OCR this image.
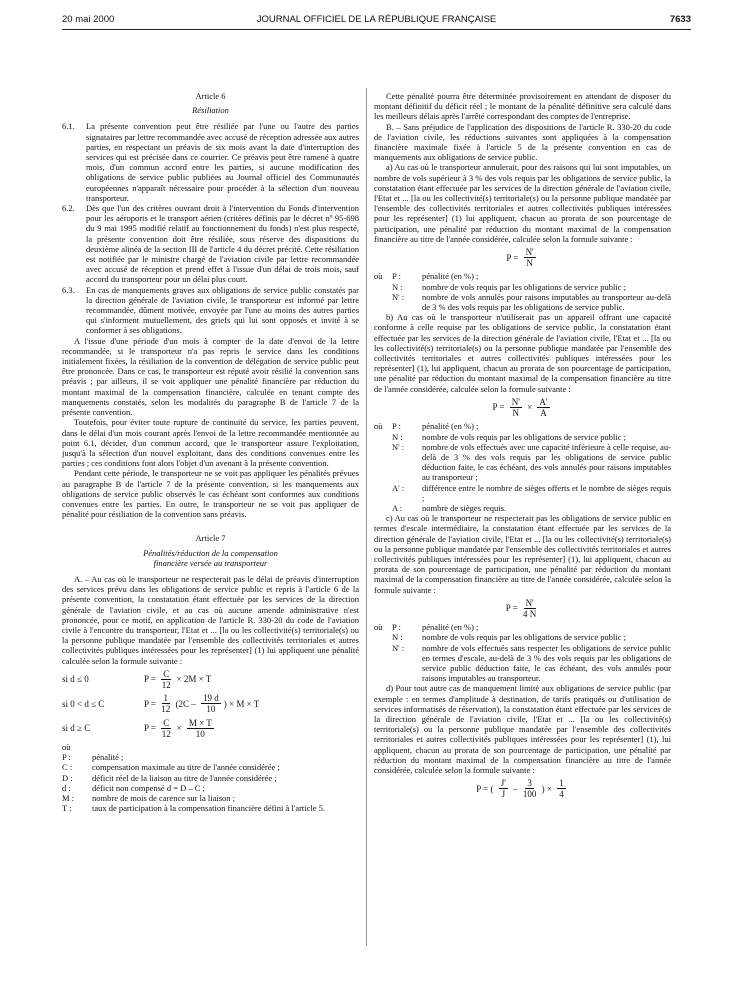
20 mai 2000	JOURNAL OFFICIEL DE LA RÉPUBLIQUE FRANÇAISE	7633

Article 6

Résiliation

6.1.	La présente convention peut être résiliée par l'une ou l'autre des parties signataires par lettre recommandée avec accusé de réception adressée aux autres parties, en respectant un préavis de six mois avant la date d'interruption des services qui est précisée dans ce courrier. Ce préavis peut être ramené à quatre mois, d'un commun accord entre les parties, si aucune modification des obligations de service public publiées au Journal officiel des Communautés européennes n'apparaît nécessaire pour procéder à la sélection d'un nouveau transporteur.
6.2.	Dès que l'un des critères ouvrant droit à l'intervention du Fonds d'intervention pour les aéroports et le transport aérien (critères définis par le décret nº 95-698 du 9 mai 1995 modifié relatif au fonctionnement du fonds) n'est plus respecté, la présente convention doit être résiliée, sous réserve des dispositions du deuxième alinéa de la section III de l'article 4 du décret précité. Cette résiliation est notifiée par le ministre chargé de l'aviation civile par lettre recommandée avec accusé de réception et prend effet à l'issue d'un délai de trois mois, sauf accord du transporteur pour un délai plus court.
6.3.	En cas de manquements graves aux obligations de service public constatés par la direction générale de l'aviation civile, le transporteur est informé par lettre recommandée, dûment motivée, envoyée par l'une au moins des autres parties qui s'informent mutuellement, des griefs qui lui sont opposés et invité à se conformer à ses obligations.

A l'issue d'une période d'un mois à compter de la date d'envoi de la lettre recommandée, si le transporteur n'a pas repris le service dans les conditions initialement fixées, la résiliation de la convention de délégation de service public peut être prononcée. Dans ce cas, le transporteur est réputé avoir résilié la convention sans préavis ; par ailleurs, il se voit appliquer une pénalité financière par réduction du montant maximal de la compensation financière, calculée en tenant compte des manquements constatés, selon les modalités du paragraphe B de l'article 7 de la présente convention.

Toutefois, pour éviter toute rupture de continuité du service, les parties peuvent, dans le délai d'un mois courant après l'envoi de la lettre recommandée mentionnée au point 6.1, décider, d'un commun accord, que le transporteur assure l'exploitation, jusqu'à la sélection d'un nouvel exploitant, dans des conditions convenues entre les parties ; ces conditions font alors l'objet d'un avenant à la présente convention.

Pendant cette période, le transporteur ne se voit pas appliquer les pénalités prévues au paragraphe B de l'article 7 de la présente convention, si les manquements aux obligations de service public observés le cas échéant sont conformes aux conditions convenues entre les parties. En outre, le transporteur ne se voit pas appliquer de pénalité pour résiliation de la convention sans préavis.

Article 7

Pénalités/réduction de la compensation

financière versée au transporteur

A. – Au cas où le transporteur ne respecterait pas le délai de préavis d'interruption des services prévu dans les obligations de service public et repris à l'article 6 de la présente convention, la constatation étant effectuée par les services de la direction générale de l'aviation civile, et au cas où aucune amende administrative n'est prononcée, pour ce motif, en application de l'article R. 330-20 du code de l'aviation civile à l'encontre du transporteur, l'Etat et ... [la ou les collectivité(s) territoriale(s) ou la personne publique mandatée par l'ensemble des collectivités territoriales et autres collectivités publiques intéressées pour les représenter] (1) lui appliquent une pénalité calculée selon la formule suivante :

si d ≤ 0	$P = \frac{C}{12} \times 2M \times T$
si 0 < d ≤ C	$P = \frac{1}{12} (2C - \frac{19 d}{10}$ ) × M × T
si d ≥ C	$P = \frac{C}{12} \times \frac{M \times T}{10}$
où
P :	pénalité ;
C :	compensation maximale au titre de l'année considérée ;
D :	déficit réel de la liaison au titre de l'année considérée ;
d :	déficit non compensé d = D – C ;
M :	nombre de mois de carence sur la liaison ;
T :	taux de participation à la compensation financière défini à l'article 5.

Cette pénalité pourra être déterminée provisoirement en attendant de disposer du montant définitif du déficit réel ; le montant de la pénalité définitive sera calculé dans les meilleurs délais après l'arrêté correspondant des comptes de l'entreprise.

B. – Sans préjudice de l'application des dispositions de l'article R. 330-20 du code de l'aviation civile, les réductions suivantes sont appliquées à la compensation financière maximale fixée à l'article 5 de la présente convention en cas de manquements aux obligations de service public.

a) Au cas où le transporteur annulerait, pour des raisons qui lui sont imputables, un nombre de vols supérieur à 3 % des vols requis par les obligations de service public, la constatation étant effectuée par les services de la direction générale de l'aviation civile, l'Etat et ... [la ou les collectivité(s) territoriale(s) ou la personne publique mandatée par l'ensemble des collectivités territoriales et autres collectivités publiques intéressées pour les représenter] (1) lui appliquent, chacun au prorata de son pourcentage de participation, une pénalité par réduction du montant maximal de la compensation financière au titre de l'année considérée, calculée selon la formule suivante :

$P = \frac{N'}{N}$
où	P :	pénalité (en %) ;
N :	nombre de vols requis par les obligations de service public ;
N' :	nombre de vols annulés pour raisons imputables au transporteur au-delà de 3 % des vols requis par les obligations de service public.

b) Au cas où le transporteur n'utiliserait pas un appareil offrant une capacité conforme à celle requise par les obligations de service public, la constatation étant effectuée par les services de la direction générale de l'aviation civile, l'Etat et ... [la ou les collectivité(s) territoriale(s) ou la personne publique mandatée par l'ensemble des collectivités territoriales et autres collectivités publiques intéressées pour les représenter] (1), lui appliquent, chacun au prorata de son pourcentage de participation, une pénalité par réduction du montant maximal de la compensation financière au titre de l'année considérée, calculée selon la formule suivante :

$P = \frac{N'}{N} \times \frac{A'}{A}$
où	P :	pénalité (en %) ;
N :	nombre de vols requis par les obligations de service public ;
N' :	nombre de vols effectués avec une capacité inférieure à celle requise, au-delà de 3 % des vols requis par les obligations de service public déduction faite, le cas échéant, des vols annulés pour raisons imputables au transporteur ;
A' :	différence entre le nombre de sièges offerts et le nombre de sièges requis ;
A :	nombre de sièges requis.

c) Au cas où le transporteur ne respecterait pas les obligations de service public en termes d'escale intermédiaire, la constatation étant effectuée par les services de la direction générale de l'aviation civile, l'Etat et ... [la ou les collectivité(s) territoriale(s) ou la personne publique mandatée par l'ensemble des collectivités territoriales et autres collectivités publiques intéressées pour les représenter] (1), lui appliquent, chacun au prorata de son pourcentage de participation, une pénalité par réduction du montant maximal de la compensation financière au titre de l'année considérée, calculée selon la formule suivante :

$P = \frac{N'}{4 N}$
où	P :	pénalité (en %) ;
N :	nombre de vols requis par les obligations de service public ;
N' :	nombre de vols effectués sans respecter les obligations de service public en termes d'escale, au-delà de 3 % des vols requis par les obligations de service public déduction faite, le cas échéant, des vols annulés pour raisons imputables au transporteur.

d) Pour tout autre cas de manquement limité aux obligations de service public (par exemple : en termes d'amplitude à destination, de tarifs pratiqués ou d'utilisation de services informatisés de réservation), la constatation étant effectuée par les services de la direction générale de l'aviation civile, l'Etat et ... [la ou les collectivité(s) territoriale(s) ou la personne publique mandatée par l'ensemble des collectivités territoriales et autres collectivités publiques intéressées pour les représenter] (1), lui appliquent, chacun au prorata de son pourcentage de participation, une pénalité par réduction du montant maximal de la compensation financière au titre de l'année considérée, calculée selon la formule suivante :

P = ( $\frac{J'}{J} - \frac{3}{100}$ ) × $\frac{1}{4}$
